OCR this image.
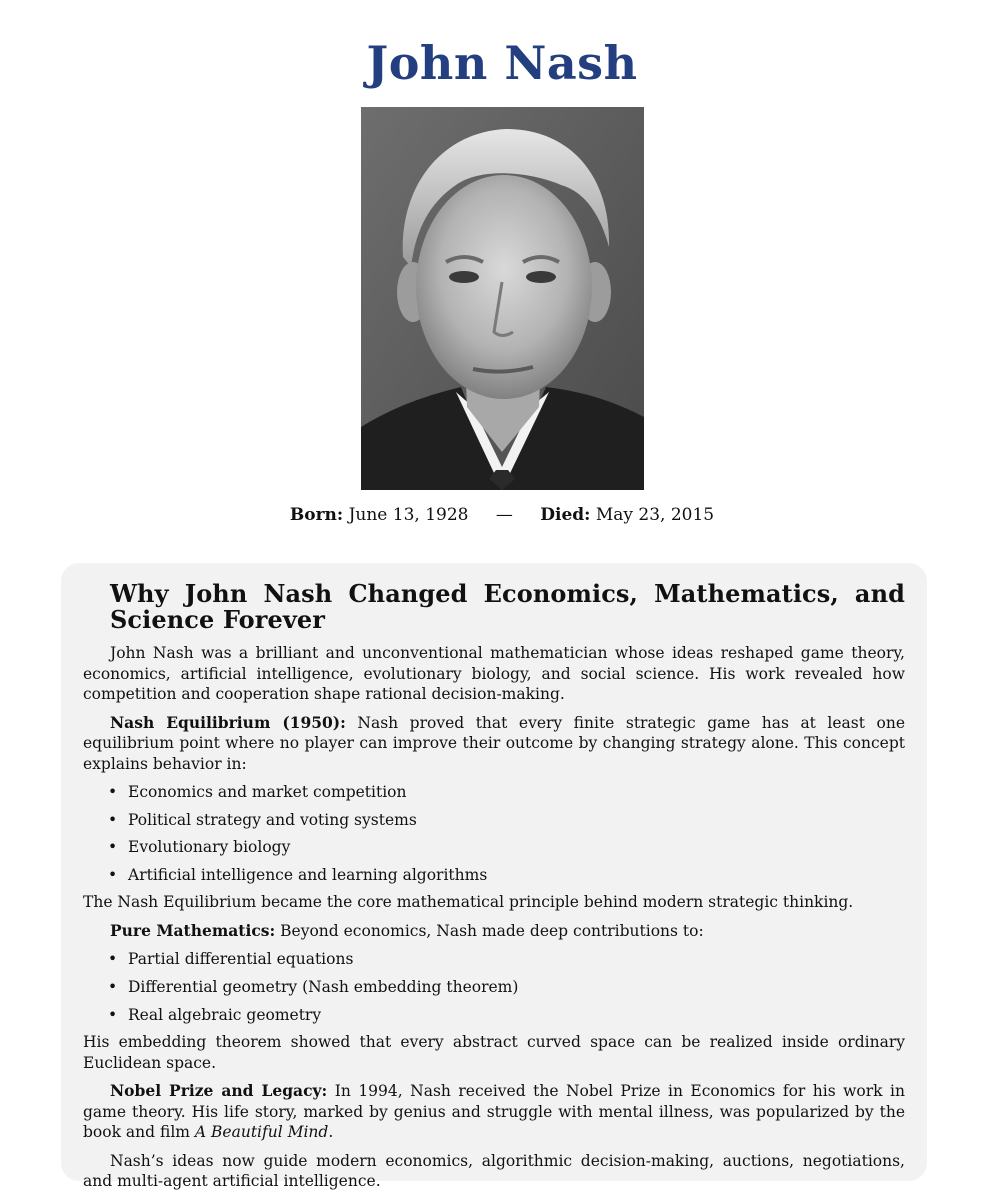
John Nash
Born: June 13, 1928 — Died: May 23, 2015
Why John Nash Changed Economics, Mathematics, and Science Forever

John Nash was a brilliant and unconventional mathematician whose ideas reshaped game theory, economics, artificial intelligence, evolutionary biology, and social science. His work revealed how competition and cooperation shape rational decision-making.

Nash Equilibrium (1950): Nash proved that every finite strategic game has at least one equilibrium point where no player can improve their outcome by changing strategy alone. This concept explains behavior in:

• Economics and market competition
• Political strategy and voting systems
• Evolutionary biology
• Artificial intelligence and learning algorithms

The Nash Equilibrium became the core mathematical principle behind modern strategic thinking.

Pure Mathematics: Beyond economics, Nash made deep contributions to:

• Partial differential equations
• Differential geometry (Nash embedding theorem)
• Real algebraic geometry

His embedding theorem showed that every abstract curved space can be realized inside ordinary Euclidean space.

Nobel Prize and Legacy: In 1994, Nash received the Nobel Prize in Economics for his work in game theory. His life story, marked by genius and struggle with mental illness, was popularized by the book and film A Beautiful Mind.

Nash’s ideas now guide modern economics, algorithmic decision-making, auctions, negotiations, and multi-agent artificial intelligence.
